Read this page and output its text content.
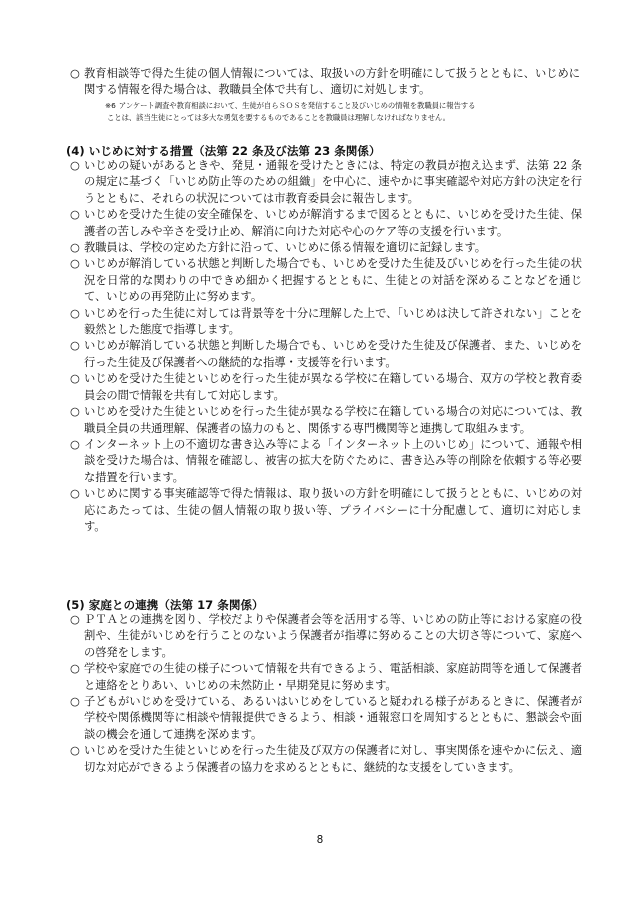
○ 教育相談等で得た生徒の個人情報については、取扱いの方針を明確にして扱うとともに、いじめに関する情報を得た場合は、教職員全体で共有し、適切に対処します。

※6 アンケート調査や教育相談において、生徒が自らＳＯＳを発信すること及びいじめの情報を教職員に報告する
ことは、該当生徒にとっては多大な勇気を要するものであることを教職員は理解しなければなりません。
(4) いじめに対する措置（法第 22 条及び法第 23 条関係）

○ いじめの疑いがあるときや、発見・通報を受けたときには、特定の教員が抱え込まず、法第 22 条の規定に基づく「いじめ防止等のための組織」を中心に、速やかに事実確認や対応方針の決定を行うとともに、それらの状況については市教育委員会に報告します。

○ いじめを受けた生徒の安全確保を、いじめが解消するまで図るとともに、いじめを受けた生徒、保護者の苦しみや辛さを受け止め、解消に向けた対応や心のケア等の支援を行います。

○ 教職員は、学校の定めた方針に沿って、いじめに係る情報を適切に記録します。

○ いじめが解消している状態と判断した場合でも、いじめを受けた生徒及びいじめを行った生徒の状況を日常的な関わりの中できめ細かく把握するとともに、生徒との対話を深めることなどを通じて、いじめの再発防止に努めます。

○ いじめを行った生徒に対しては背景等を十分に理解した上で、「いじめは決して許されない」ことを毅然とした態度で指導します。

○ いじめが解消している状態と判断した場合でも、いじめを受けた生徒及び保護者、また、いじめを行った生徒及び保護者への継続的な指導・支援等を行います。

○ いじめを受けた生徒といじめを行った生徒が異なる学校に在籍している場合、双方の学校と教育委員会の間で情報を共有して対応します。

○ いじめを受けた生徒といじめを行った生徒が異なる学校に在籍している場合の対応については、教職員全員の共通理解、保護者の協力のもと、関係する専門機関等と連携して取組みます。

○ インターネット上の不適切な書き込み等による「インターネット上のいじめ」について、通報や相談を受けた場合は、情報を確認し、被害の拡大を防ぐために、書き込み等の削除を依頼する等必要な措置を行います。

○ いじめに関する事実確認等で得た情報は、取り扱いの方針を明確にして扱うとともに、いじめの対応にあたっては、生徒の個人情報の取り扱い等、プライバシーに十分配慮して、適切に対応します。

(5) 家庭との連携（法第 17 条関係）

○ ＰＴＡとの連携を図り、学校だよりや保護者会等を活用する等、いじめの防止等における家庭の役割や、生徒がいじめを行うことのないよう保護者が指導に努めることの大切さ等について、家庭への啓発をします。

○ 学校や家庭での生徒の様子について情報を共有できるよう、電話相談、家庭訪問等を通して保護者と連絡をとりあい、いじめの未然防止・早期発見に努めます。

○ 子どもがいじめを受けている、あるいはいじめをしていると疑われる様子があるときに、保護者が学校や関係機関等に相談や情報提供できるよう、相談・通報窓口を周知するとともに、懇談会や面談の機会を通して連携を深めます。

○ いじめを受けた生徒といじめを行った生徒及び双方の保護者に対し、事実関係を速やかに伝え、適切な対応ができるよう保護者の協力を求めるとともに、継続的な支援をしていきます。

8
